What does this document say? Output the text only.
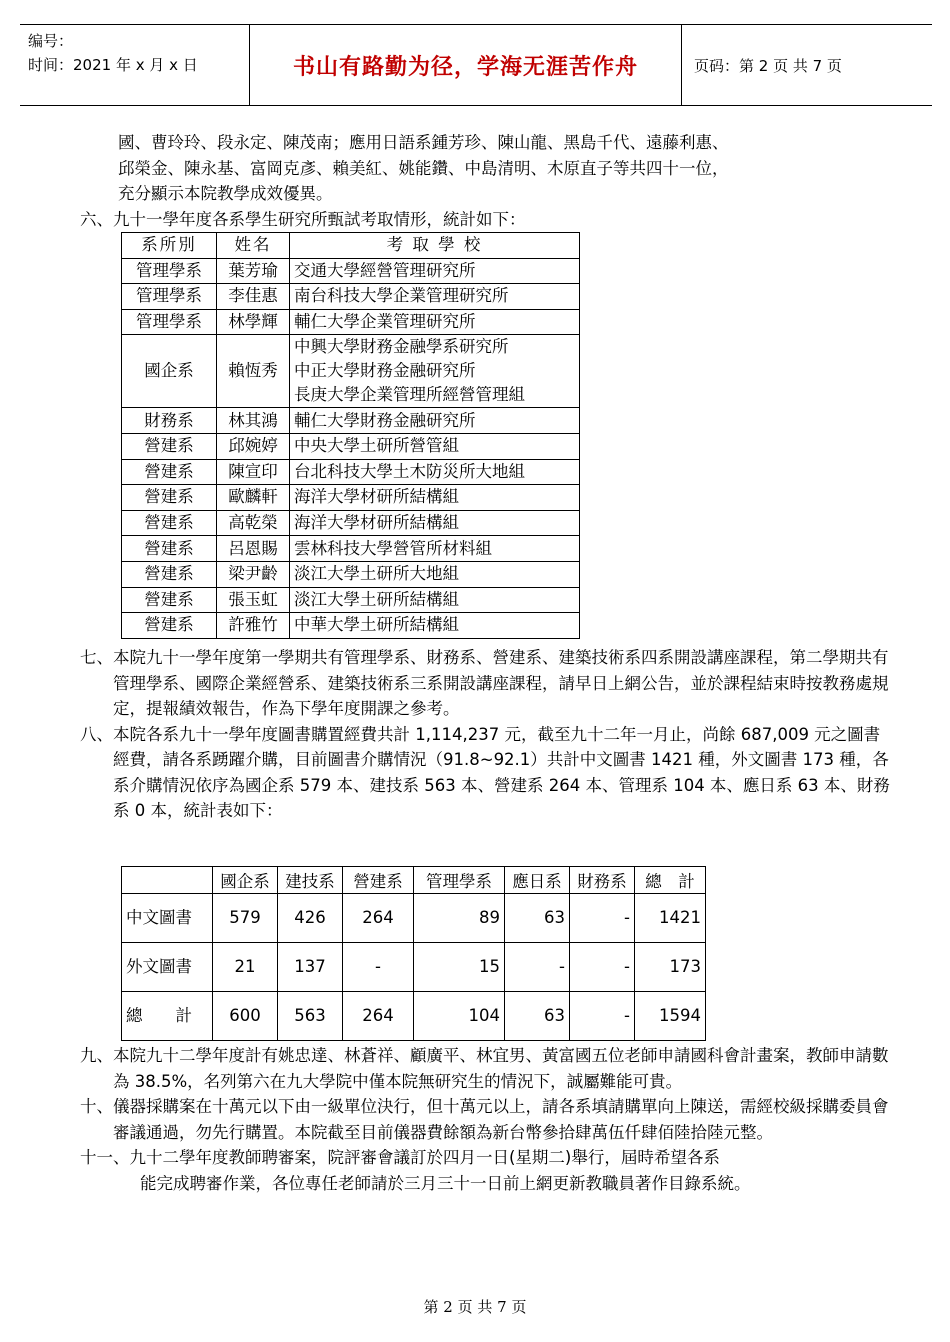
编号：
时间：2021 年 x 月 x 日	书山有路勤为径，学海无涯苦作舟	页码：第 2 页 共 7 页

國、曹玲玲、段永定、陳茂南；應用日語系鍾芳珍、陳山龍、黑島千代、遠藤利惠、

邱榮金、陳永基、富岡克彥、賴美紅、姚能鑽、中島清明、木原直子等共四十一位，

充分顯示本院教學成效優異。

六、九十一學年度各系學生研究所甄試考取情形，統計如下：

系所別	姓名	考 取 學 校
管理學系	葉芳瑜	交通大學經營管理研究所

管理學系	李佳惠	南台科技大學企業管理研究所

管理學系	林學輝	輔仁大學企業管理研究所

國企系	賴恆秀	中興大學財務金融學系研究所
中正大學財務金融研究所
長庚大學企業管理所經營管理組

財務系	林其鴻	輔仁大學財務金融研究所

營建系	邱婉婷	中央大學土研所營管組

營建系	陳宣印	台北科技大學土木防災所大地組

營建系	歐麟軒	海洋大學材研所結構組

營建系	高乾榮	海洋大學材研所結構組

營建系	呂恩賜	雲林科技大學營管所材料組

營建系	梁尹齡	淡江大學土研所大地組

營建系	張玉虹	淡江大學土研所結構組

營建系	許雅竹	中華大學土研所結構組
七、 本院九十一學年度第一學期共有管理學系、財務系、營建系、建築技術系四系開設講座課程，第二學期共有管理學系、國際企業經營系、建築技術系三系開設講座課程，請早日上網公告，並於課程結束時按教務處規定，提報績效報告，作為下學年度開課之參考。
八、 本院各系九十一學年度圖書購置經費共計 1,114,237 元，截至九十二年一月止，尚餘 687,009 元之圖書經費，請各系踴躍介購，目前圖書介購情況（91.8~92.1）共計中文圖書 1421 種，外文圖書 173 種，各系介購情況依序為國企系 579 本、建技系 563 本、營建系 264 本、管理系 104 本、應日系 63 本、財務系 0 本，統計表如下：
	國企系	建技系	營建系	管理學系	應日系	財務系	總　計
中文圖書	579	426	264	89	63	-	1421
外文圖書	21	137	-	15	-	-	173
總　　計	600	563	264	104	63	-	1594
九、 本院九十二學年度計有姚忠達、林蒼祥、顧廣平、林宜男、黃富國五位老師申請國科會計畫案，教師申請數為 38.5%，名列第六在九大學院中僅本院無研究生的情況下，誠屬難能可貴。
十、 儀器採購案在十萬元以下由一級單位決行，但十萬元以上，請各系填請購單向上陳送，需經校級採購委員會審議通過，勿先行購置。本院截至目前儀器費餘額為新台幣參拾肆萬伍仟肆佰陸拾陸元整。

十一、九十二學年度教師聘審案，院評審會議訂於四月一日(星期二)舉行，屆時希望各系

能完成聘審作業，各位專任老師請於三月三十一日前上網更新教職員著作目錄系統。

第 2 页 共 7 页
